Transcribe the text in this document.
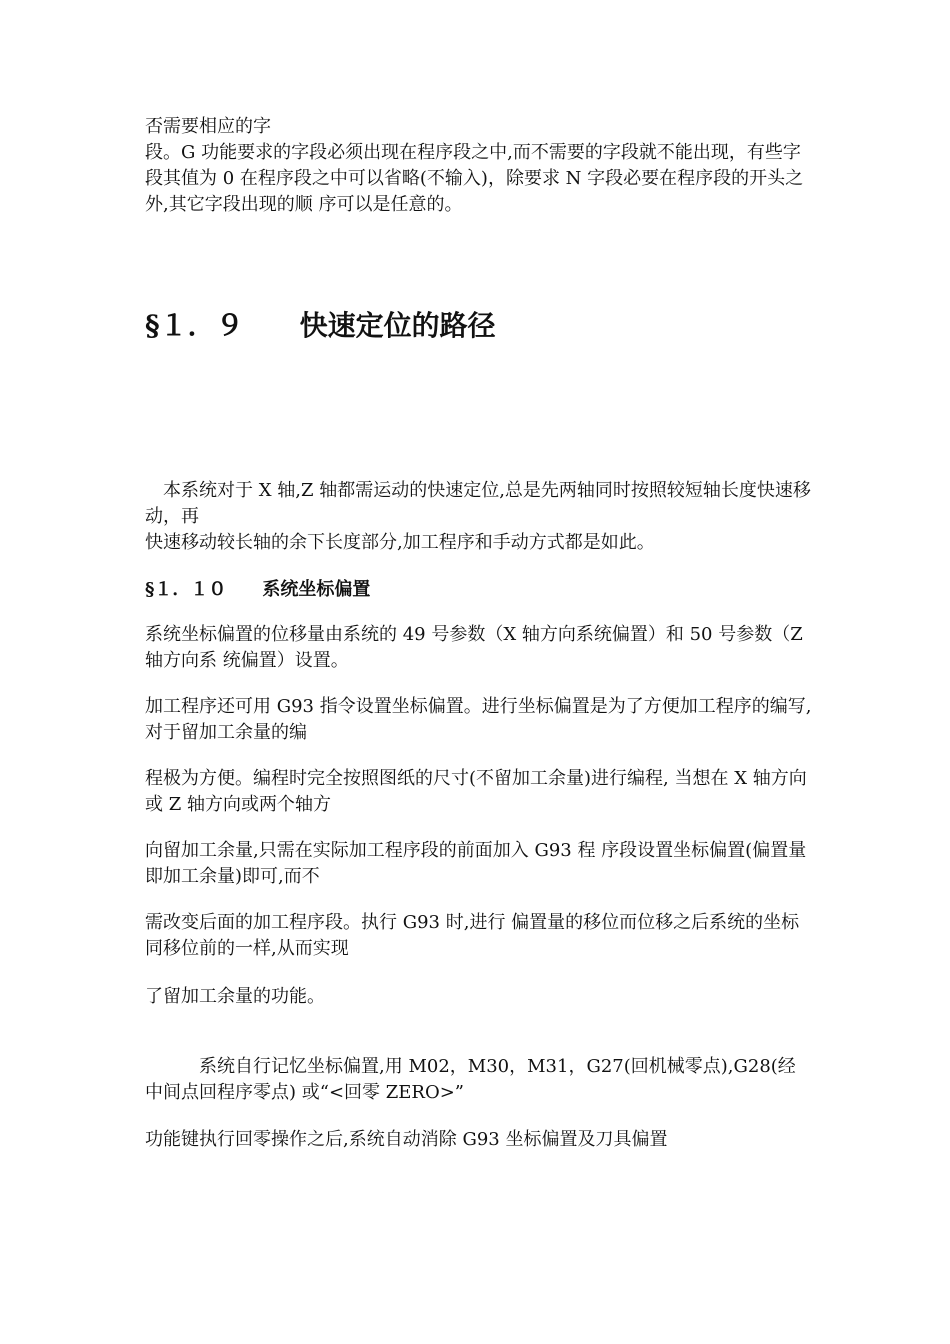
否需要相应的字

段。G 功能要求的字段必须出现在程序段之中,而不需要的字段就不能出现，有些字段其值为 0 在程序段之中可以省略(不输入)，除要求 N 字段必要在程序段的开头之外,其它字段出现的顺 序可以是任意的。

§１．９　　快速定位的路径

　本系统对于 X 轴,Z 轴都需运动的快速定位,总是先两轴同时按照较短轴长度快速移动，再

快速移动较长轴的余下长度部分,加工程序和手动方式都是如此。

§１．１０　　系统坐标偏置

系统坐标偏置的位移量由系统的 49 号参数（X 轴方向系统偏置）和 50 号参数（Z 轴方向系 统偏置）设置。

加工程序还可用 G93 指令设置坐标偏置。进行坐标偏置是为了方便加工程序的编写,对于留加工余量的编

程极为方便。编程时完全按照图纸的尺寸(不留加工余量)进行编程, 当想在 X 轴方向或 Z 轴方向或两个轴方

向留加工余量,只需在实际加工程序段的前面加入 G93 程 序段设置坐标偏置(偏置量即加工余量)即可,而不

需改变后面的加工程序段。执行 G93 时,进行 偏置量的移位而位移之后系统的坐标同移位前的一样,从而实现

了留加工余量的功能。

　　　系统自行记忆坐标偏置,用 M02，M30，M31，G27(回机械零点),G28(经中间点回程序零点) 或“<回零 ZERO>”

功能键执行回零操作之后,系统自动消除 G93 坐标偏置及刀具偏置
